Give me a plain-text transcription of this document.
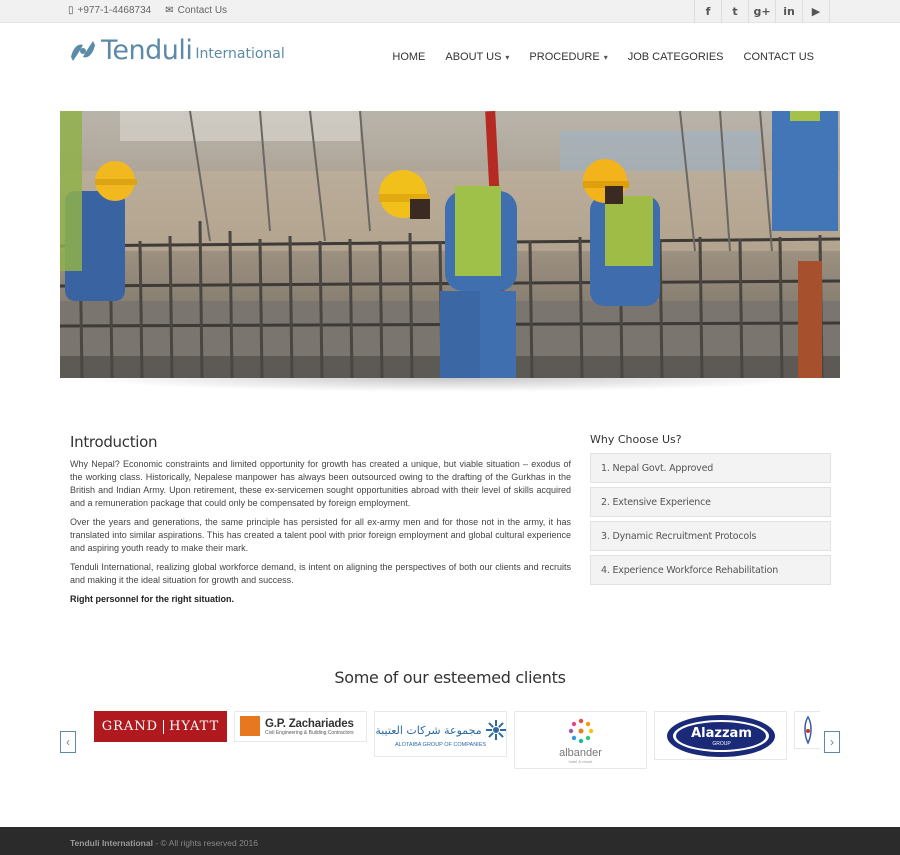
▯ +977-1-4468734 ✉ Contact Us	f	t	g+	in	▶
Tenduli International	HOME ABOUT US ▾ PROCEDURE ▾ JOB CATEGORIES CONTACT US
Introduction

Why Nepal? Economic constraints and limited opportunity for growth has created a unique, but viable situation – exodus of the working class. Historically, Nepalese manpower has always been outsourced owing to the drafting of the Gurkhas in the British and Indian Army. Upon retirement, these ex-servicemen sought opportunities abroad with their level of skills acquired and a remuneration package that could only be compensated by foreign employment.

Over the years and generations, the same principle has persisted for all ex-army men and for those not in the army, it has translated into similar aspirations. This has created a talent pool with prior foreign employment and global cultural experience and aspiring youth ready to make their mark.

Tenduli International, realizing global workforce demand, is intent on aligning the perspectives of both our clients and recruits and making it the ideal situation for growth and success.

Right personnel for the right situation.

Why Choose Us?
1. Nepal Govt. Approved
2. Extensive Experience
3. Dynamic Recruitment Protocols
4. Experience Workforce Rehabilitation
Some of our esteemed clients
‹	›
GRAND HYATT	G.P. Zachariades
Civil Engineering & Building Contractors مجموعة شركات العتيبة
ALOTAIBA GROUP OF COMPANIES
albander
hotel & resort
Alazzam
GROUP
Tenduli International - © All rights reserved 2016
